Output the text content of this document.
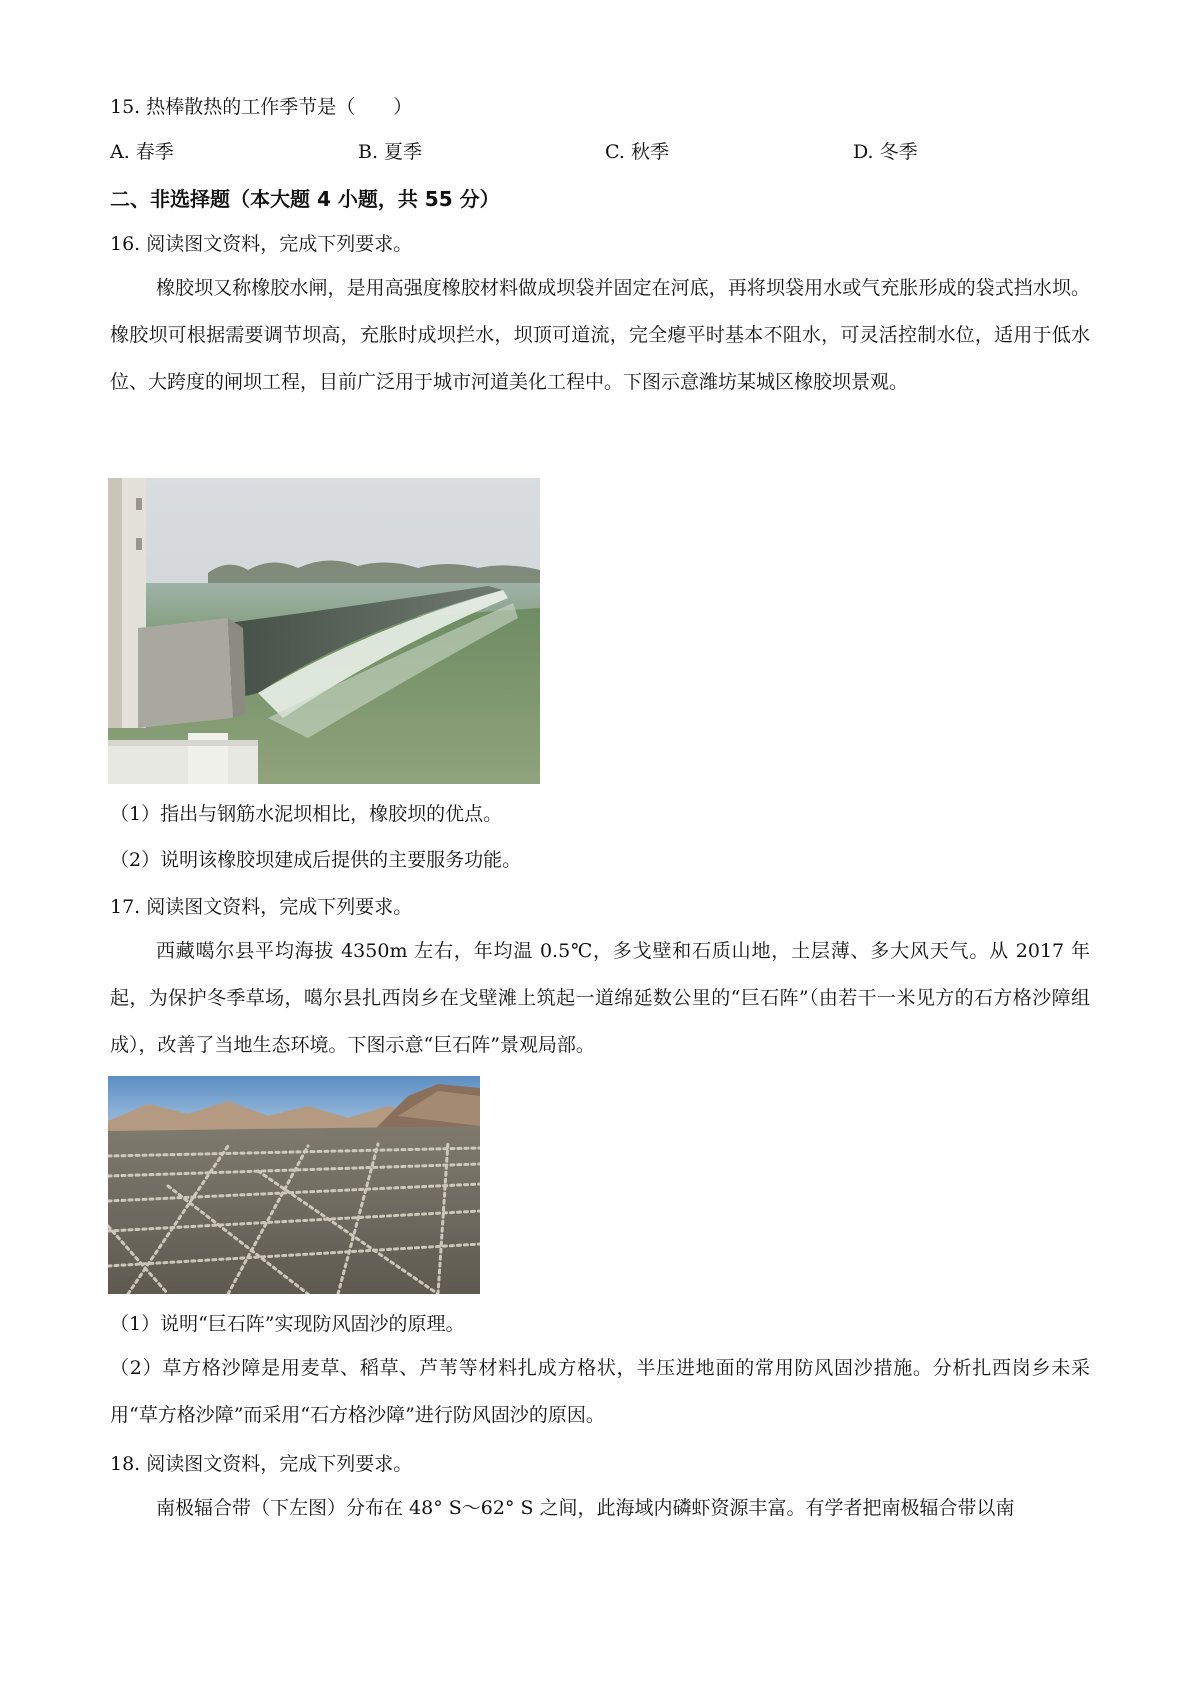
15. 热棒散热的工作季节是（　　）
A. 春季	B. 夏季	C. 秋季	D. 冬季
二、非选择题（本大题 4 小题，共 55 分）
16. 阅读图文资料，完成下列要求。
橡胶坝又称橡胶水闸，是用高强度橡胶材料做成坝袋并固定在河底，再将坝袋用水或气充胀形成的袋式挡水坝。橡胶坝可根据需要调节坝高，充胀时成坝拦水，坝顶可道流，完全瘪平时基本不阻水，可灵活控制水位，适用于低水位、大跨度的闸坝工程，目前广泛用于城市河道美化工程中。下图示意潍坊某城区橡胶坝景观。
（1）指出与钢筋水泥坝相比，橡胶坝的优点。
（2）说明该橡胶坝建成后提供的主要服务功能。
17. 阅读图文资料，完成下列要求。
西藏噶尔县平均海拔 4350m 左右，年均温 0.5℃，多戈壁和石质山地，土层薄、多大风天气。从 2017 年起，为保护冬季草场，噶尔县扎西岗乡在戈壁滩上筑起一道绵延数公里的“巨石阵”（由若干一米见方的石方格沙障组成），改善了当地生态环境。下图示意“巨石阵”景观局部。
（1）说明“巨石阵”实现防风固沙的原理。
（2）草方格沙障是用麦草、稻草、芦苇等材料扎成方格状，半压进地面的常用防风固沙措施。分析扎西岗乡未采用“草方格沙障”而采用“石方格沙障”进行防风固沙的原因。
18. 阅读图文资料，完成下列要求。
南极辐合带（下左图）分布在 48° S～62° S 之间，此海域内磷虾资源丰富。有学者把南极辐合带以南
